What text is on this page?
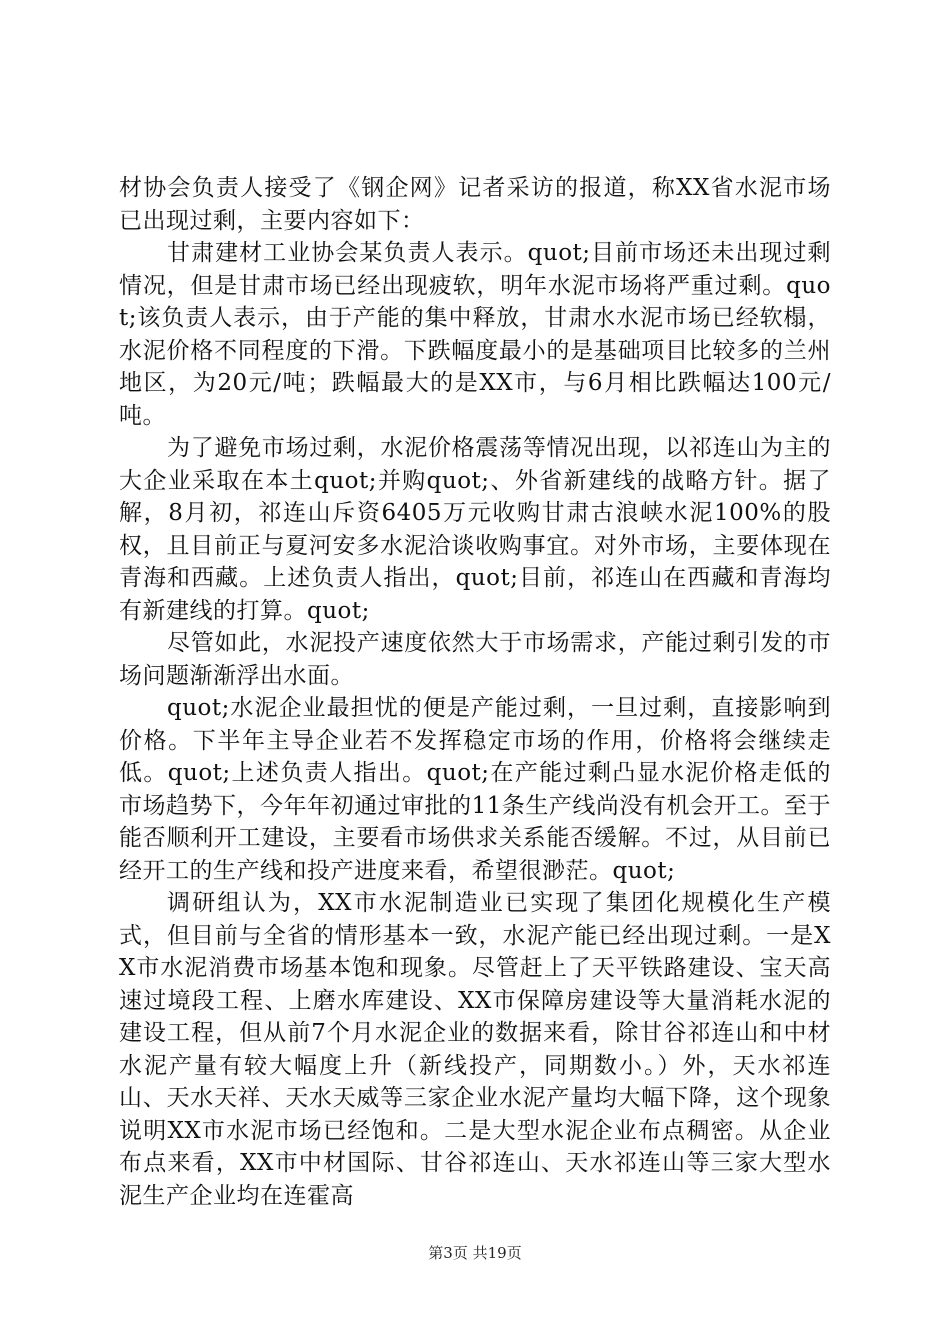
材协会负责人接受了《钢企网》记者采访的报道，称XX省水泥市场已出现过剩，主要内容如下：

甘肃建材工业协会某负责人表示。quot;目前市场还未出现过剩情况，但是甘肃市场已经出现疲软，明年水泥市场将严重过剩。quot;该负责人表示，由于产能的集中释放，甘肃水水泥市场已经软榻，水泥价格不同程度的下滑。下跌幅度最小的是基础项目比较多的兰州地区，为20元/吨；跌幅最大的是XX市，与6月相比跌幅达100元/吨。

为了避免市场过剩，水泥价格震荡等情况出现，以祁连山为主的大企业采取在本土quot;并购quot;、外省新建线的战略方针。据了解，8月初，祁连山斥资6405万元收购甘肃古浪峡水泥100%的股权，且目前正与夏河安多水泥洽谈收购事宜。对外市场，主要体现在青海和西藏。上述负责人指出，quot;目前，祁连山在西藏和青海均有新建线的打算。quot;

尽管如此，水泥投产速度依然大于市场需求，产能过剩引发的市场问题渐渐浮出水面。

quot;水泥企业最担忧的便是产能过剩，一旦过剩，直接影响到价格。下半年主导企业若不发挥稳定市场的作用，价格将会继续走低。quot;上述负责人指出。quot;在产能过剩凸显水泥价格走低的市场趋势下，今年年初通过审批的11条生产线尚没有机会开工。至于能否顺利开工建设，主要看市场供求关系能否缓解。不过，从目前已经开工的生产线和投产进度来看，希望很渺茫。quot;

调研组认为，XX市水泥制造业已实现了集团化规模化生产模式，但目前与全省的情形基本一致，水泥产能已经出现过剩。一是XX市水泥消费市场基本饱和现象。尽管赶上了天平铁路建设、宝天高速过境段工程、上磨水库建设、XX市保障房建设等大量消耗水泥的建设工程，但从前7个月水泥企业的数据来看，除甘谷祁连山和中材水泥产量有较大幅度上升（新线投产，同期数小。）外，天水祁连山、天水天祥、天水天威等三家企业水泥产量均大幅下降，这个现象说明XX市水泥市场已经饱和。二是大型水泥企业布点稠密。从企业布点来看，XX市中材国际、甘谷祁连山、天水祁连山等三家大型水泥生产企业均在连霍高

第3页 共19页
